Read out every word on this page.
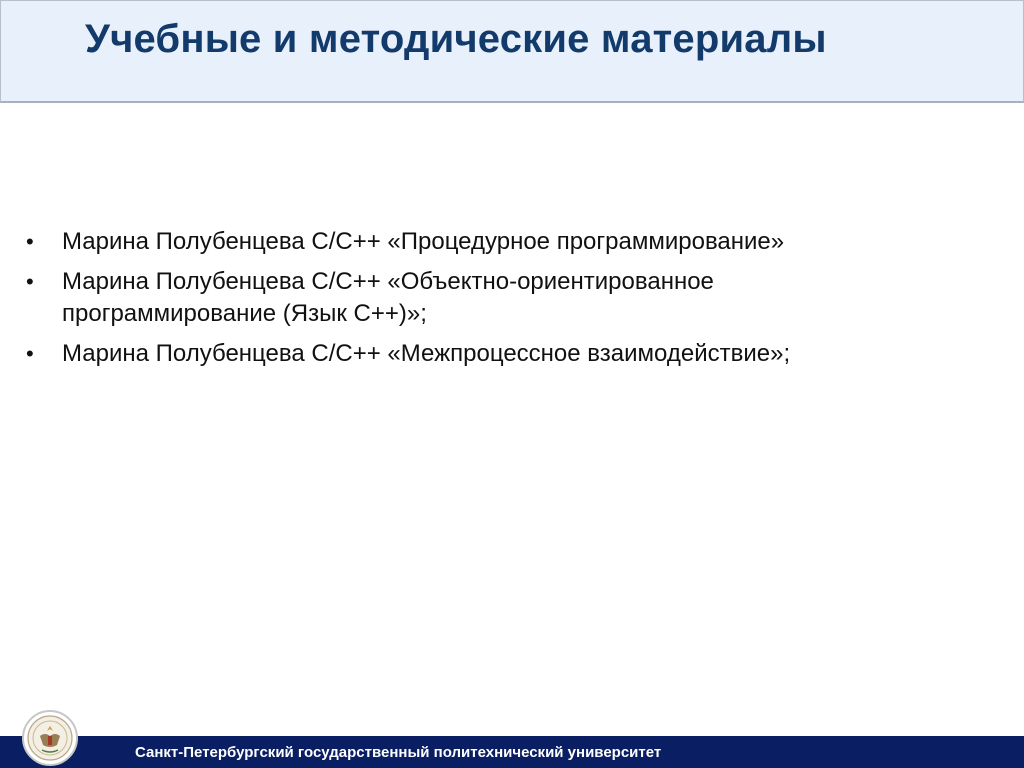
Учебные и методические материалы
• Марина Полубенцева С/С++ «Процедурное программирование»
• Марина Полубенцева С/С++ «Объектно-ориентированное
программирование (Язык С++)»;
• Марина Полубенцева С/С++ «Межпроцессное взаимодействие»;
Санкт-Петербургский государственный политехнический университет
